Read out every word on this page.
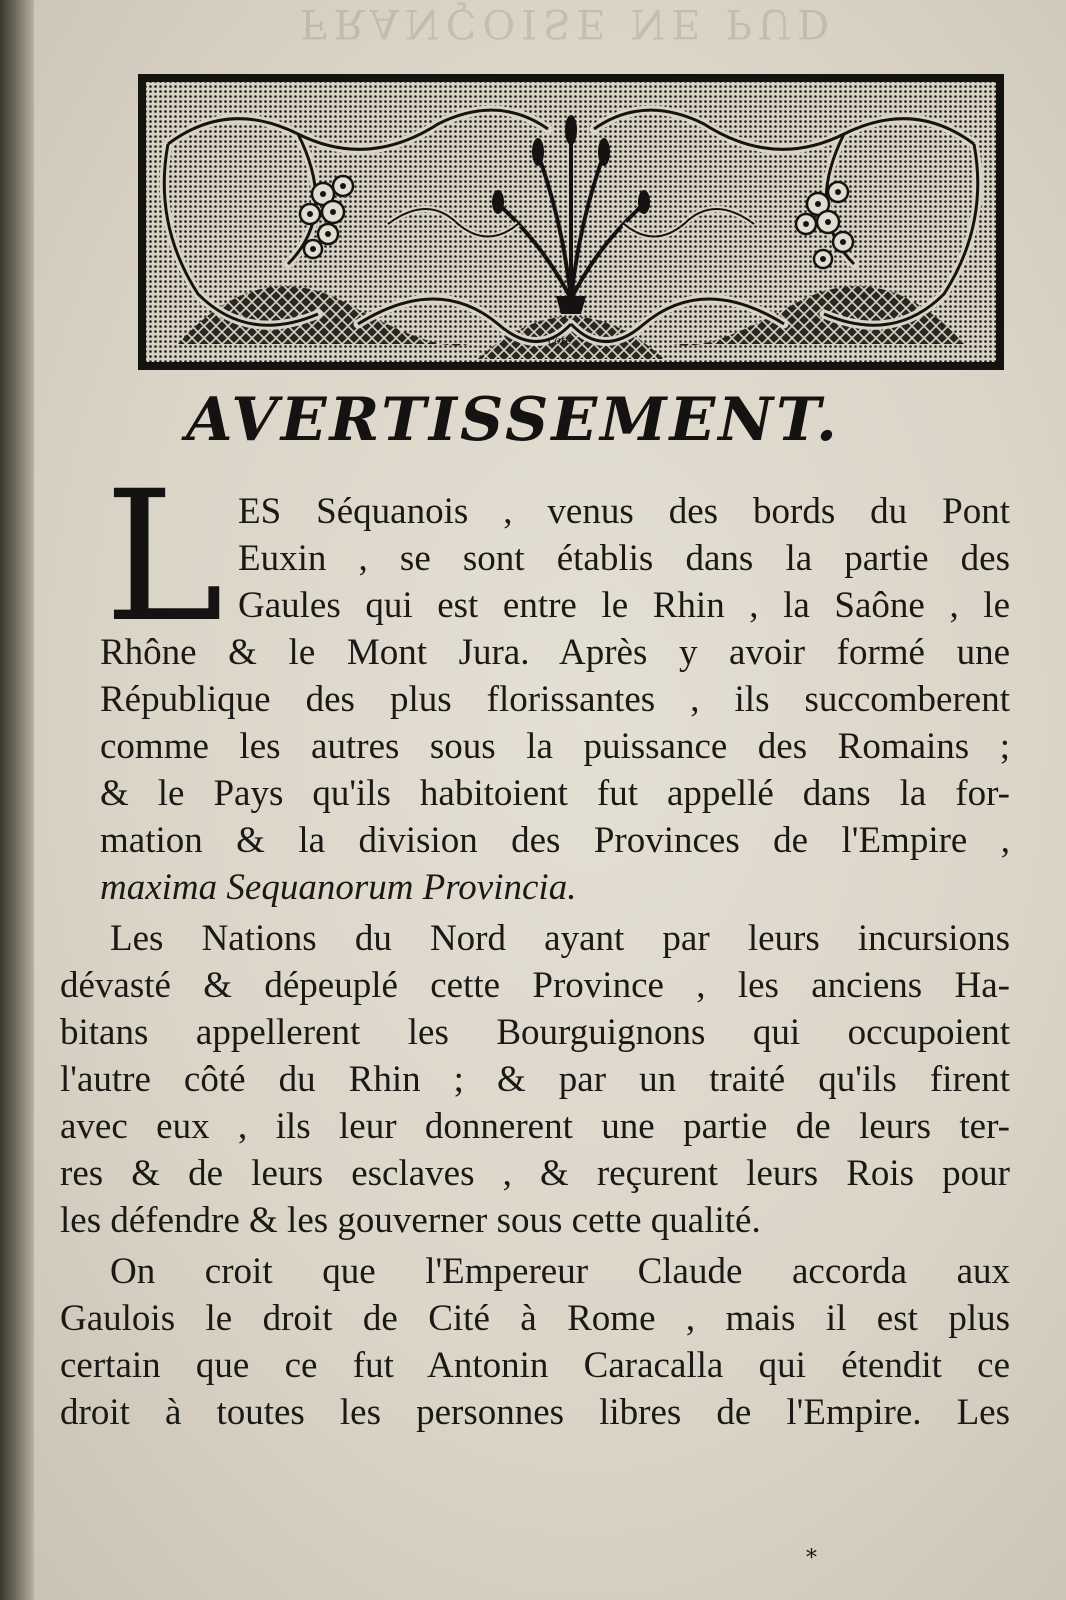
FRANÇOISE NE PUD
cote
AVERTISSEMENT.
L ES Séquanois , venus des bords du Pont
Euxin , se sont établis dans la partie des
Gaules qui est entre le Rhin , la Saône , le
Rhône & le Mont Jura. Après y avoir formé une
République des plus florissantes , ils succomberent
comme les autres sous la puissance des Romains ;
& le Pays qu'ils habitoient fut appellé dans la for-
mation & la division des Provinces de l'Empire ,
maxima Sequanorum Provincia.
Les Nations du Nord ayant par leurs incursions
dévasté & dépeuplé cette Province , les anciens Ha-
bitans appellerent les Bourguignons qui occupoient
l'autre côté du Rhin ; & par un traité qu'ils firent
avec eux , ils leur donnerent une partie de leurs ter-
res & de leurs esclaves , & reçurent leurs Rois pour
les défendre & les gouverner sous cette qualité.
On croit que l'Empereur Claude accorda aux
Gaulois le droit de Cité à Rome , mais il est plus
certain que ce fut Antonin Caracalla qui étendit ce
droit à toutes les personnes libres de l'Empire. Les
*
